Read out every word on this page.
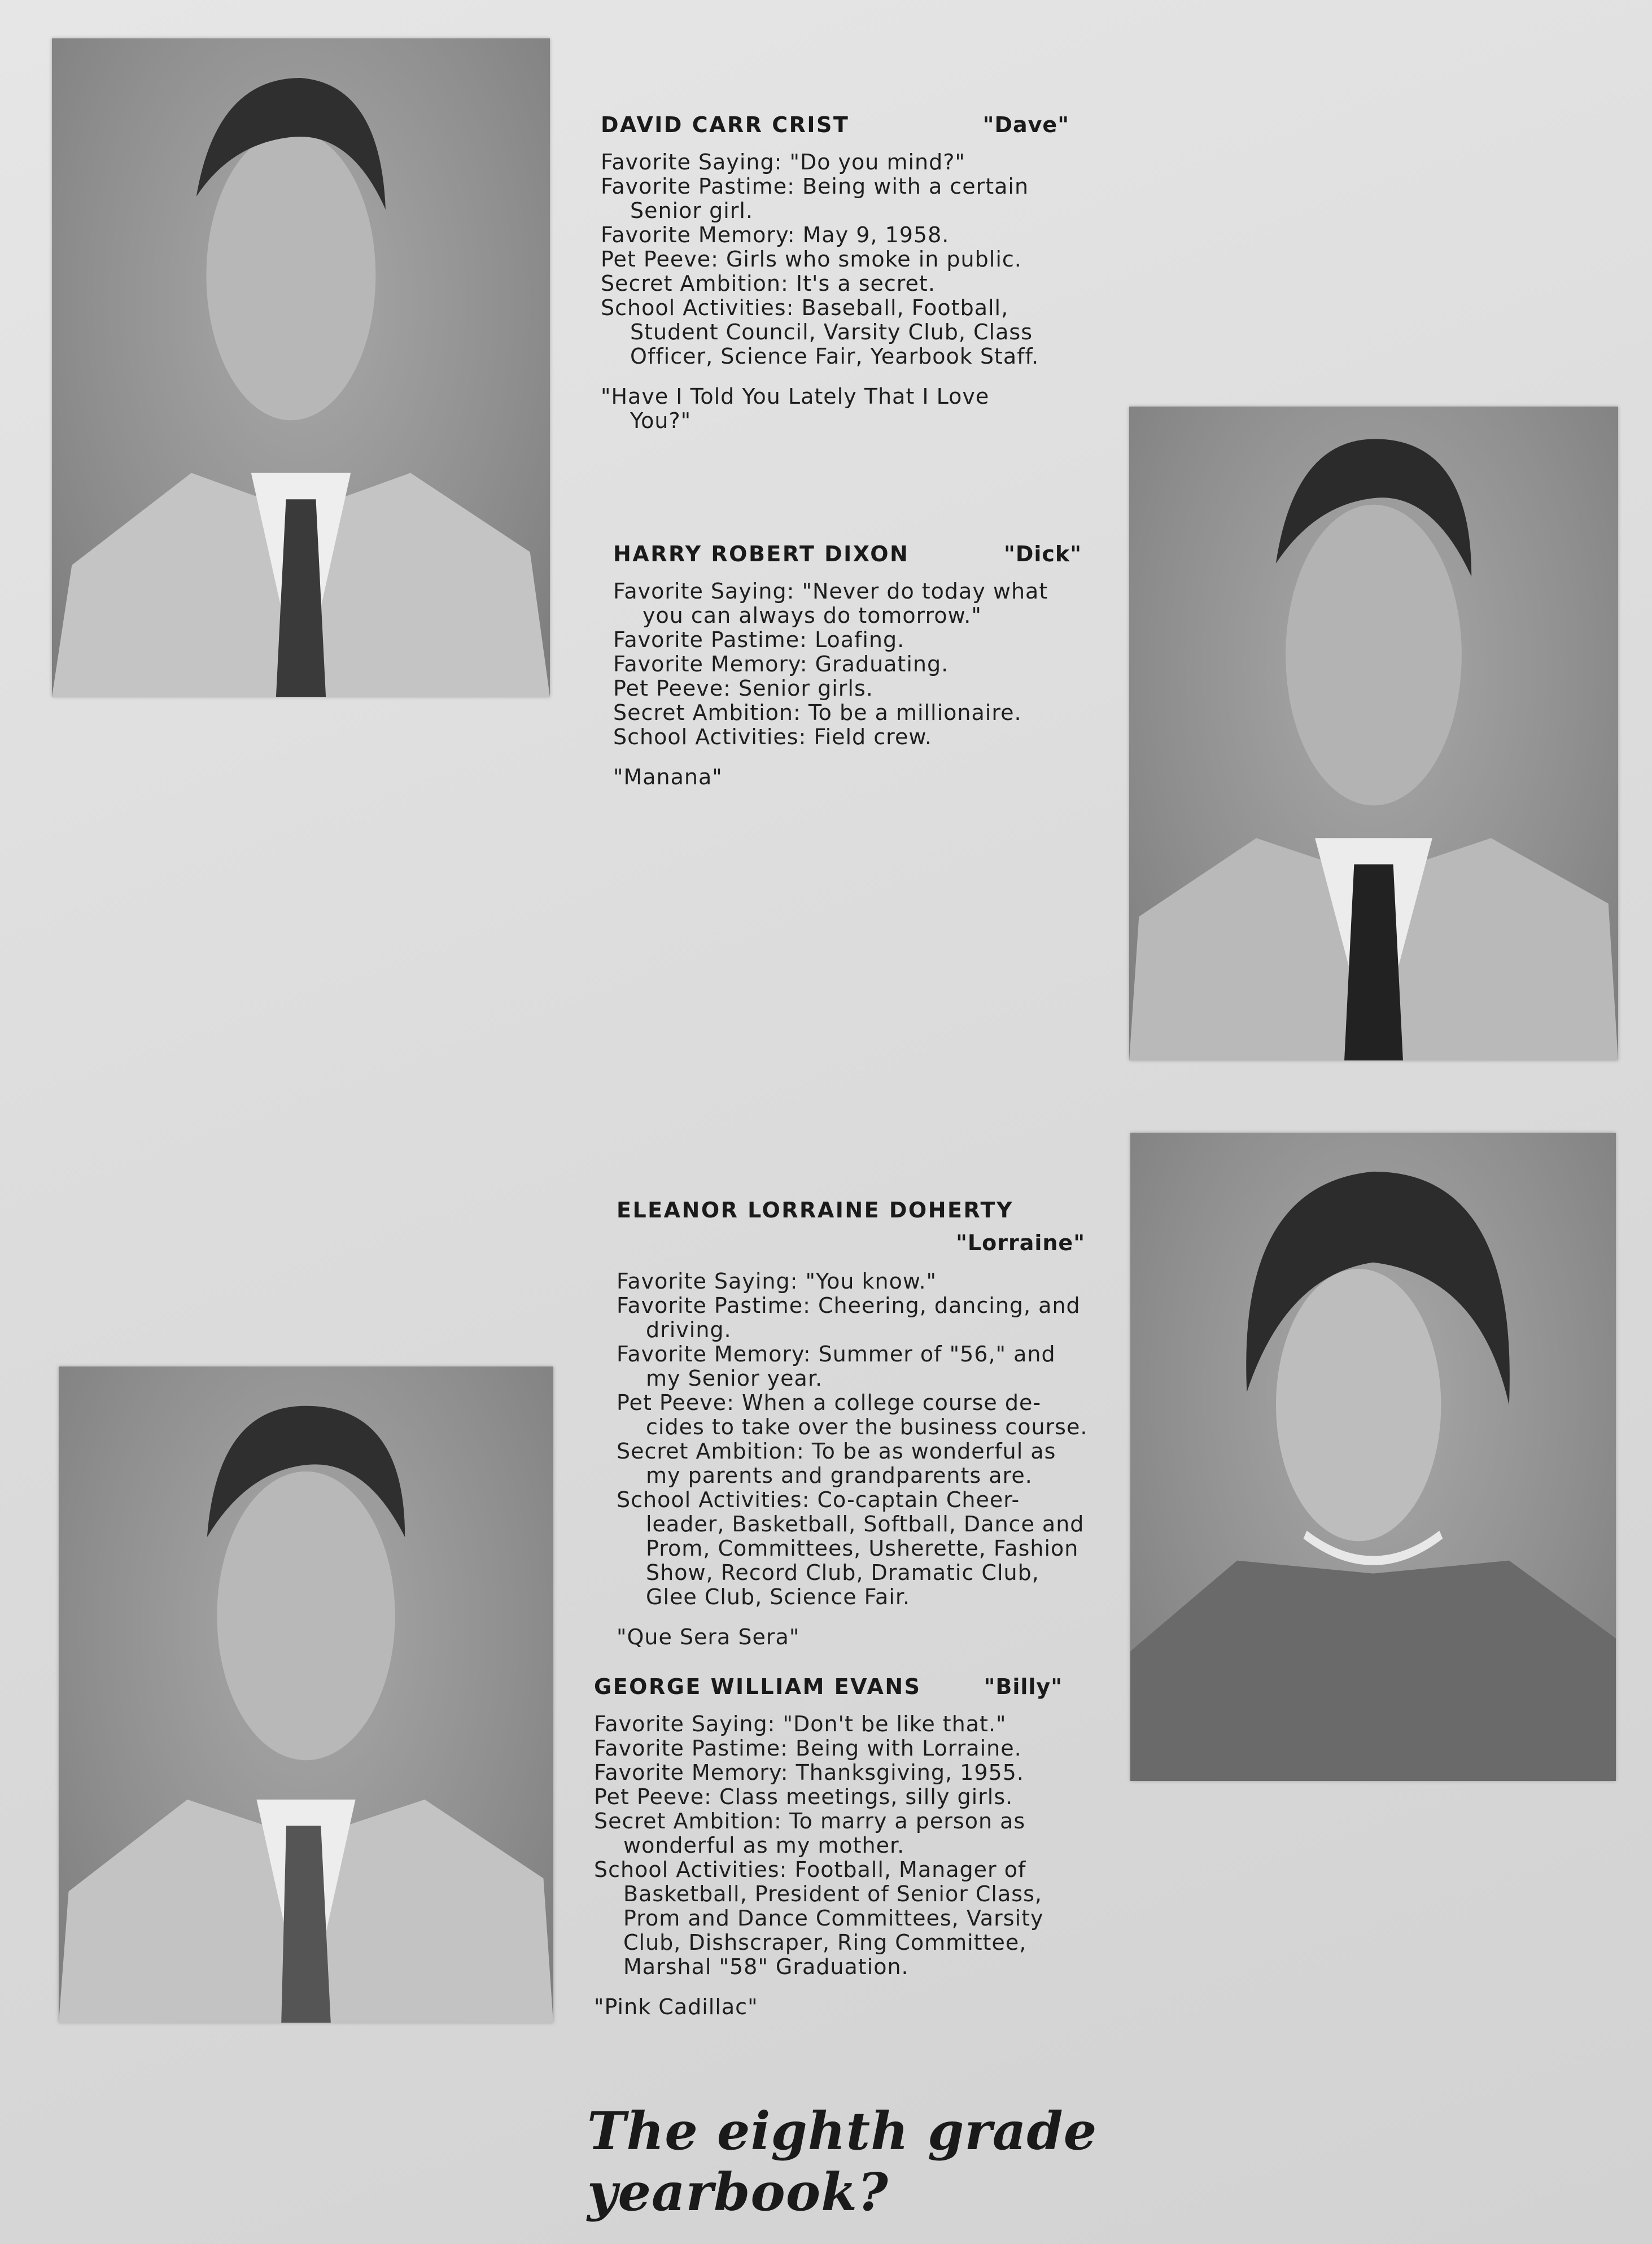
DAVID CARR CRIST	"Dave"
Favorite Saying: "Do you mind?"
Favorite Pastime: Being with a certain
Senior girl.
Favorite Memory: May 9, 1958.
Pet Peeve: Girls who smoke in public.
Secret Ambition: It's a secret.
School Activities: Baseball, Football,
Student Council, Varsity Club, Class
Officer, Science Fair, Yearbook Staff.
"Have I Told You Lately That I Love
You?"
HARRY ROBERT DIXON	"Dick"
Favorite Saying: "Never do today what
you can always do tomorrow."
Favorite Pastime: Loafing.
Favorite Memory: Graduating.
Pet Peeve: Senior girls.
Secret Ambition: To be a millionaire.
School Activities: Field crew.
"Manana"
ELEANOR LORRAINE DOHERTY
"Lorraine"
Favorite Saying: "You know."
Favorite Pastime: Cheering, dancing, and
driving.
Favorite Memory: Summer of "56," and
my Senior year.
Pet Peeve: When a college course de-
cides to take over the business course.
Secret Ambition: To be as wonderful as
my parents and grandparents are.
School Activities: Co-captain Cheer-
leader, Basketball, Softball, Dance and
Prom, Committees, Usherette, Fashion
Show, Record Club, Dramatic Club,
Glee Club, Science Fair.
"Que Sera Sera"
GEORGE WILLIAM EVANS	"Billy"
Favorite Saying: "Don't be like that."
Favorite Pastime: Being with Lorraine.
Favorite Memory: Thanksgiving, 1955.
Pet Peeve: Class meetings, silly girls.
Secret Ambition: To marry a person as
wonderful as my mother.
School Activities: Football, Manager of
Basketball, President of Senior Class,
Prom and Dance Committees, Varsity
Club, Dishscraper, Ring Committee,
Marshal "58" Graduation.
"Pink Cadillac"
The eighth grade yearbook?
